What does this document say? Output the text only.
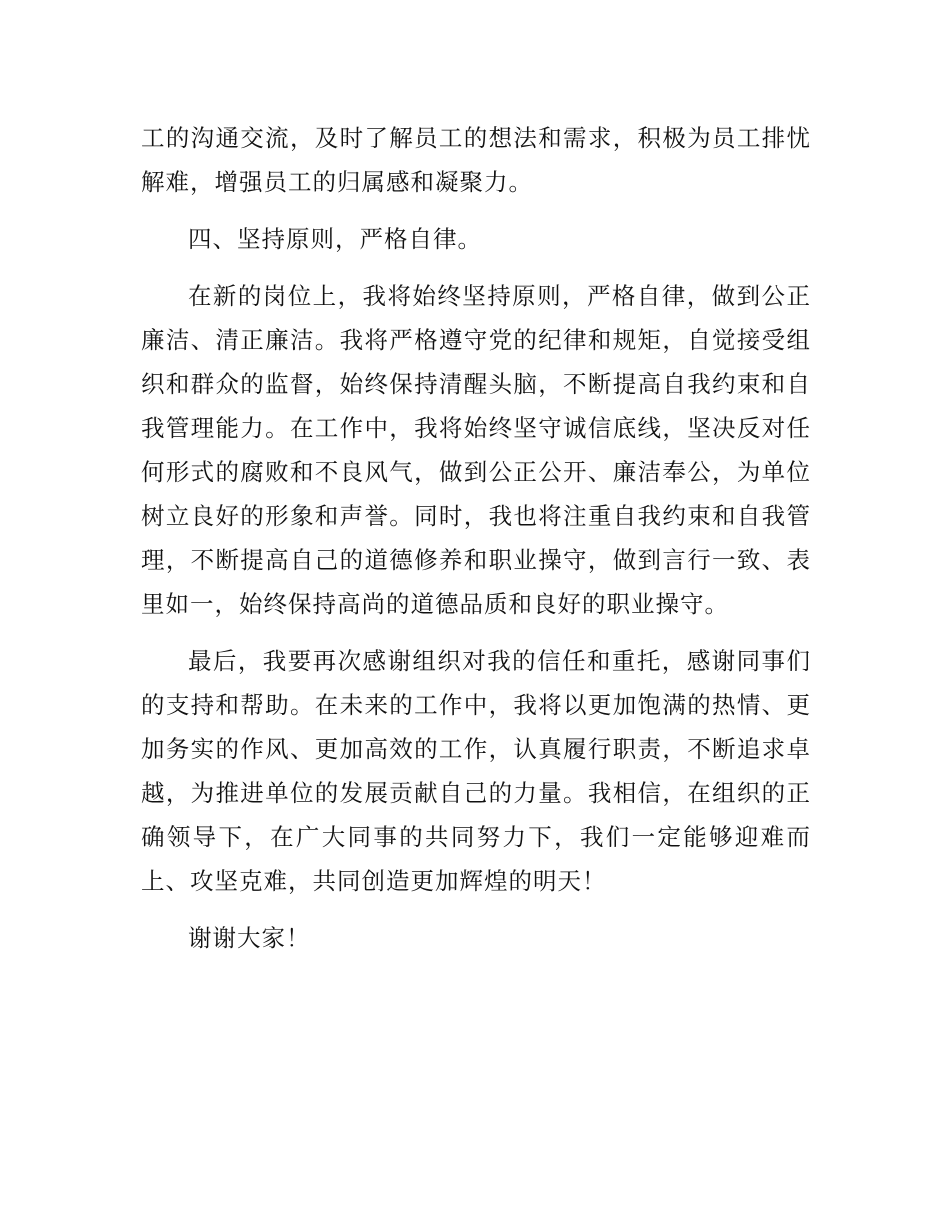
工的沟通交流，及时了解员工的想法和需求，积极为员工排忧解难，增强员工的归属感和凝聚力。

四、坚持原则，严格自律。

在新的岗位上，我将始终坚持原则，严格自律，做到公正廉洁、清正廉洁。我将严格遵守党的纪律和规矩，自觉接受组织和群众的监督，始终保持清醒头脑，不断提高自我约束和自我管理能力。在工作中，我将始终坚守诚信底线，坚决反对任何形式的腐败和不良风气，做到公正公开、廉洁奉公，为单位树立良好的形象和声誉。同时，我也将注重自我约束和自我管理，不断提高自己的道德修养和职业操守，做到言行一致、表里如一，始终保持高尚的道德品质和良好的职业操守。

最后，我要再次感谢组织对我的信任和重托，感谢同事们的支持和帮助。在未来的工作中，我将以更加饱满的热情、更加务实的作风、更加高效的工作，认真履行职责，不断追求卓越，为推进单位的发展贡献自己的力量。我相信，在组织的正确领导下，在广大同事的共同努力下，我们一定能够迎难而上、攻坚克难，共同创造更加辉煌的明天！

谢谢大家！
